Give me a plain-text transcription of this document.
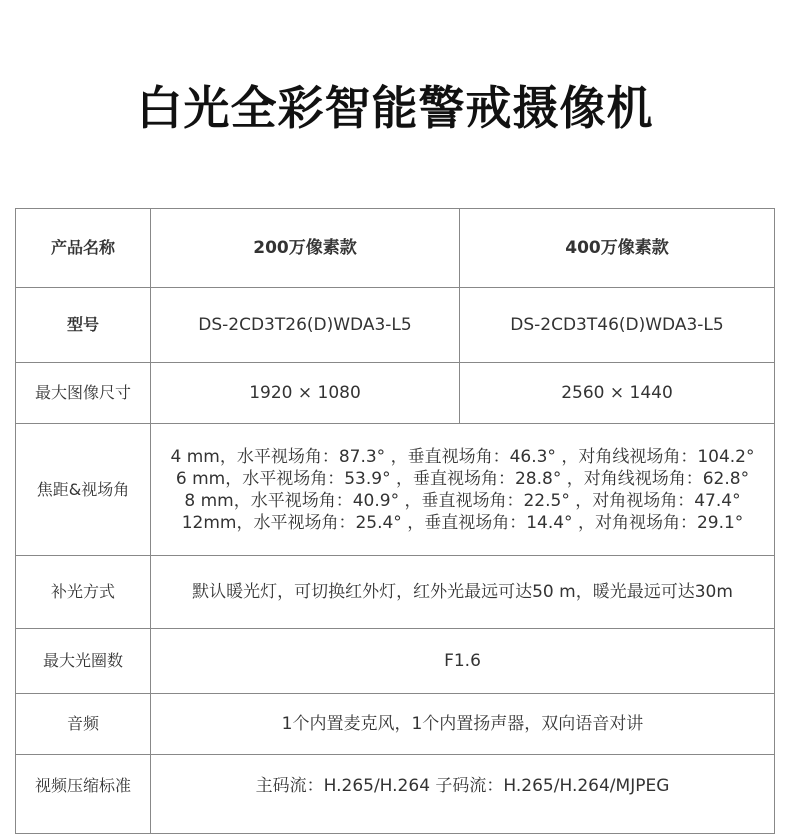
白光全彩智能警戒摄像机
产品名称	200万像素款	400万像素款
型号	DS-2CD3T26(D)WDA3-L5	DS-2CD3T46(D)WDA3-L5
最大图像尺寸	1920 × 1080	2560 × 1440
焦距&视场角	4 mm，水平视场角：87.3° ，垂直视场角：46.3° ，对角线视场角：104.2°
6 mm，水平视场角：53.9° ，垂直视场角：28.8° ，对角线视场角：62.8°
8 mm，水平视场角：40.9° ，垂直视场角：22.5° ，对角视场角：47.4°
12mm，水平视场角：25.4° ，垂直视场角：14.4° ，对角视场角：29.1°	

补光方式	默认暖光灯，可切换红外灯，红外光最远可达50 m，暖光最远可达30m	
最大光圈数	F1.6	
音频	1个内置麦克风，1个内置扬声器，双向语音对讲	
视频压缩标准	主码流：H.265/H.264 子码流：H.265/H.264/MJPEG	
